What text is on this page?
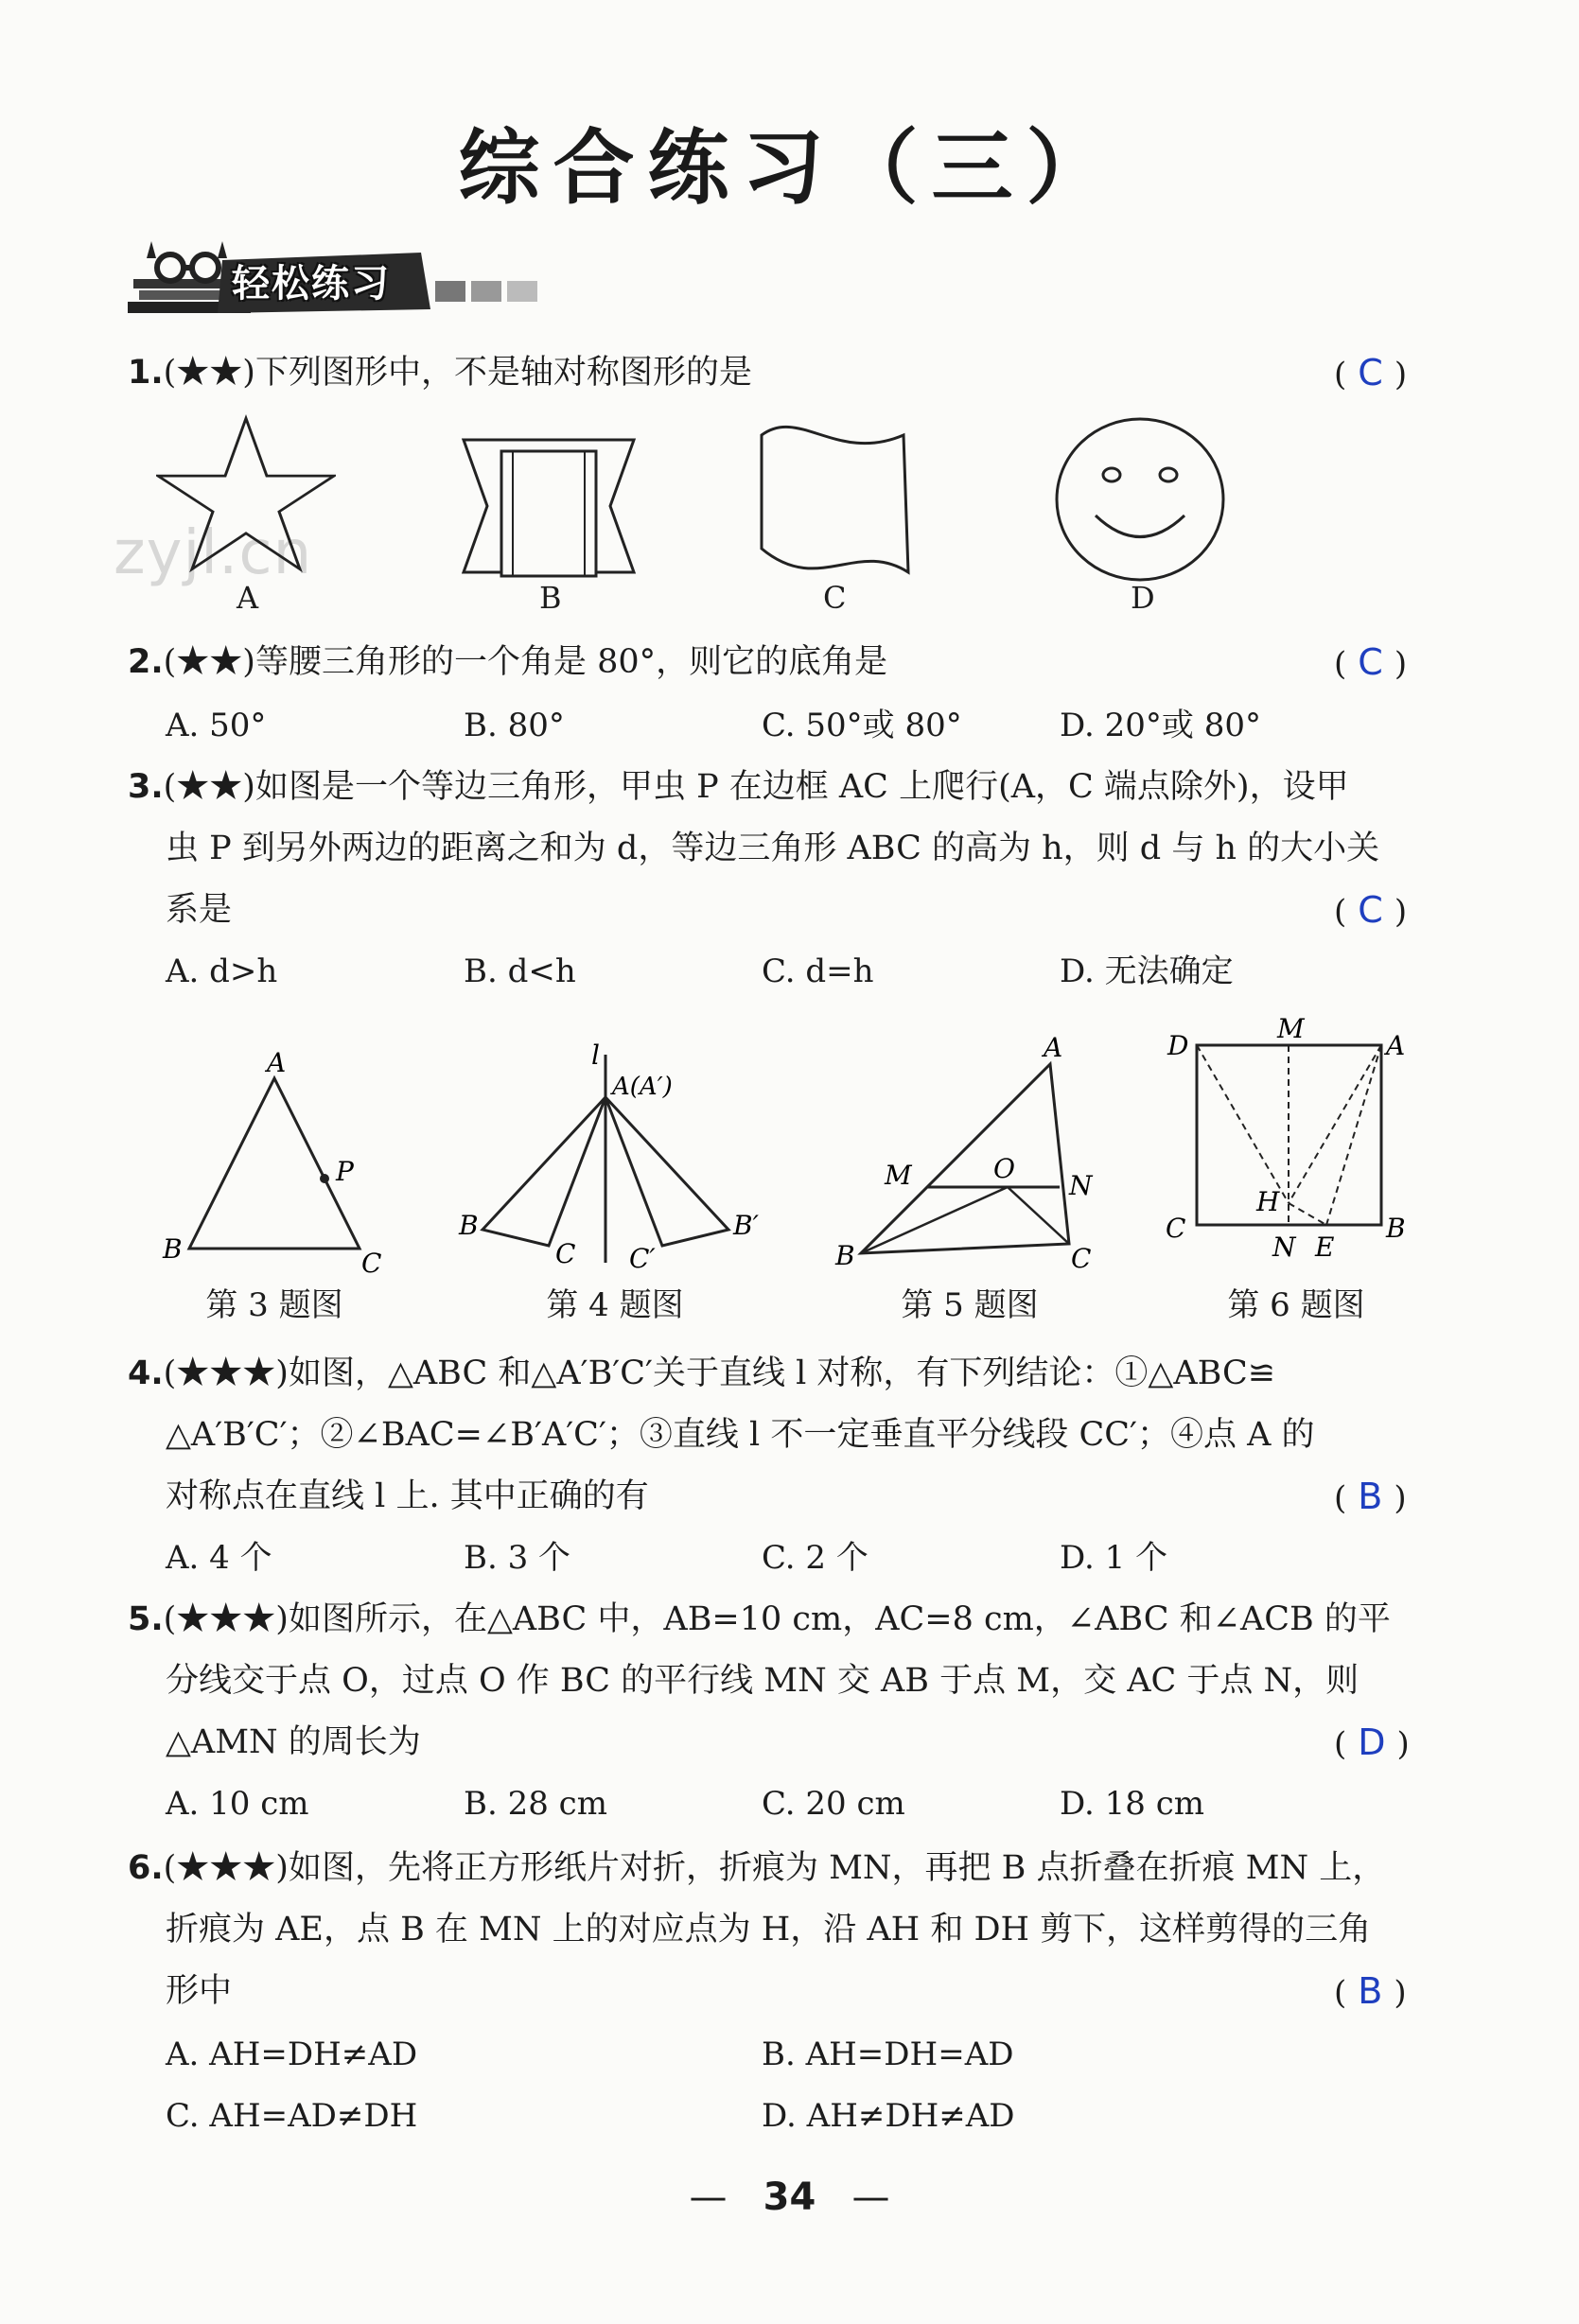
综合练习（三）
轻松练习
zyjl.cn
1.(★★)下列图形中，不是轴对称图形的是	( C )
A	B	C	D
2.(★★)等腰三角形的一个角是 80°，则它的底角是	( C )
A. 50°	B. 80°	C. 50°或 80°	D. 20°或 80°
3.(★★)如图是一个等边三角形，甲虫 P 在边框 AC 上爬行(A，C 端点除外)，设甲
虫 P 到另外两边的距离之和为 d，等边三角形 ABC 的高为 h，则 d 与 h 的大小关
系是	( C )
A. d>h	B. d<h	C. d=h	D. 无法确定
A
P
B	C
l
A(A′)
B
C C′
B′
A
M	O
N
B	C
D
M
A
H
C	B
N E
第 3 题图	第 4 题图	第 5 题图	第 6 题图
4.(★★★)如图，△ABC 和△A′B′C′关于直线 l 对称，有下列结论：①△ABC≌
△A′B′C′；②∠BAC=∠B′A′C′；③直线 l 不一定垂直平分线段 CC′；④点 A 的
对称点在直线 l 上. 其中正确的有	( B )
A. 4 个	B. 3 个	C. 2 个	D. 1 个
5.(★★★)如图所示，在△ABC 中，AB=10 cm，AC=8 cm，∠ABC 和∠ACB 的平
分线交于点 O，过点 O 作 BC 的平行线 MN 交 AB 于点 M，交 AC 于点 N，则
△AMN 的周长为	( D )
A. 10 cm	B. 28 cm	C. 20 cm	D. 18 cm
6.(★★★)如图，先将正方形纸片对折，折痕为 MN，再把 B 点折叠在折痕 MN 上，
折痕为 AE，点 B 在 MN 上的对应点为 H，沿 AH 和 DH 剪下，这样剪得的三角
形中	( B )
A. AH=DH≠AD	B. AH=DH=AD
C. AH=AD≠DH	D. AH≠DH≠AD
— 34 —
